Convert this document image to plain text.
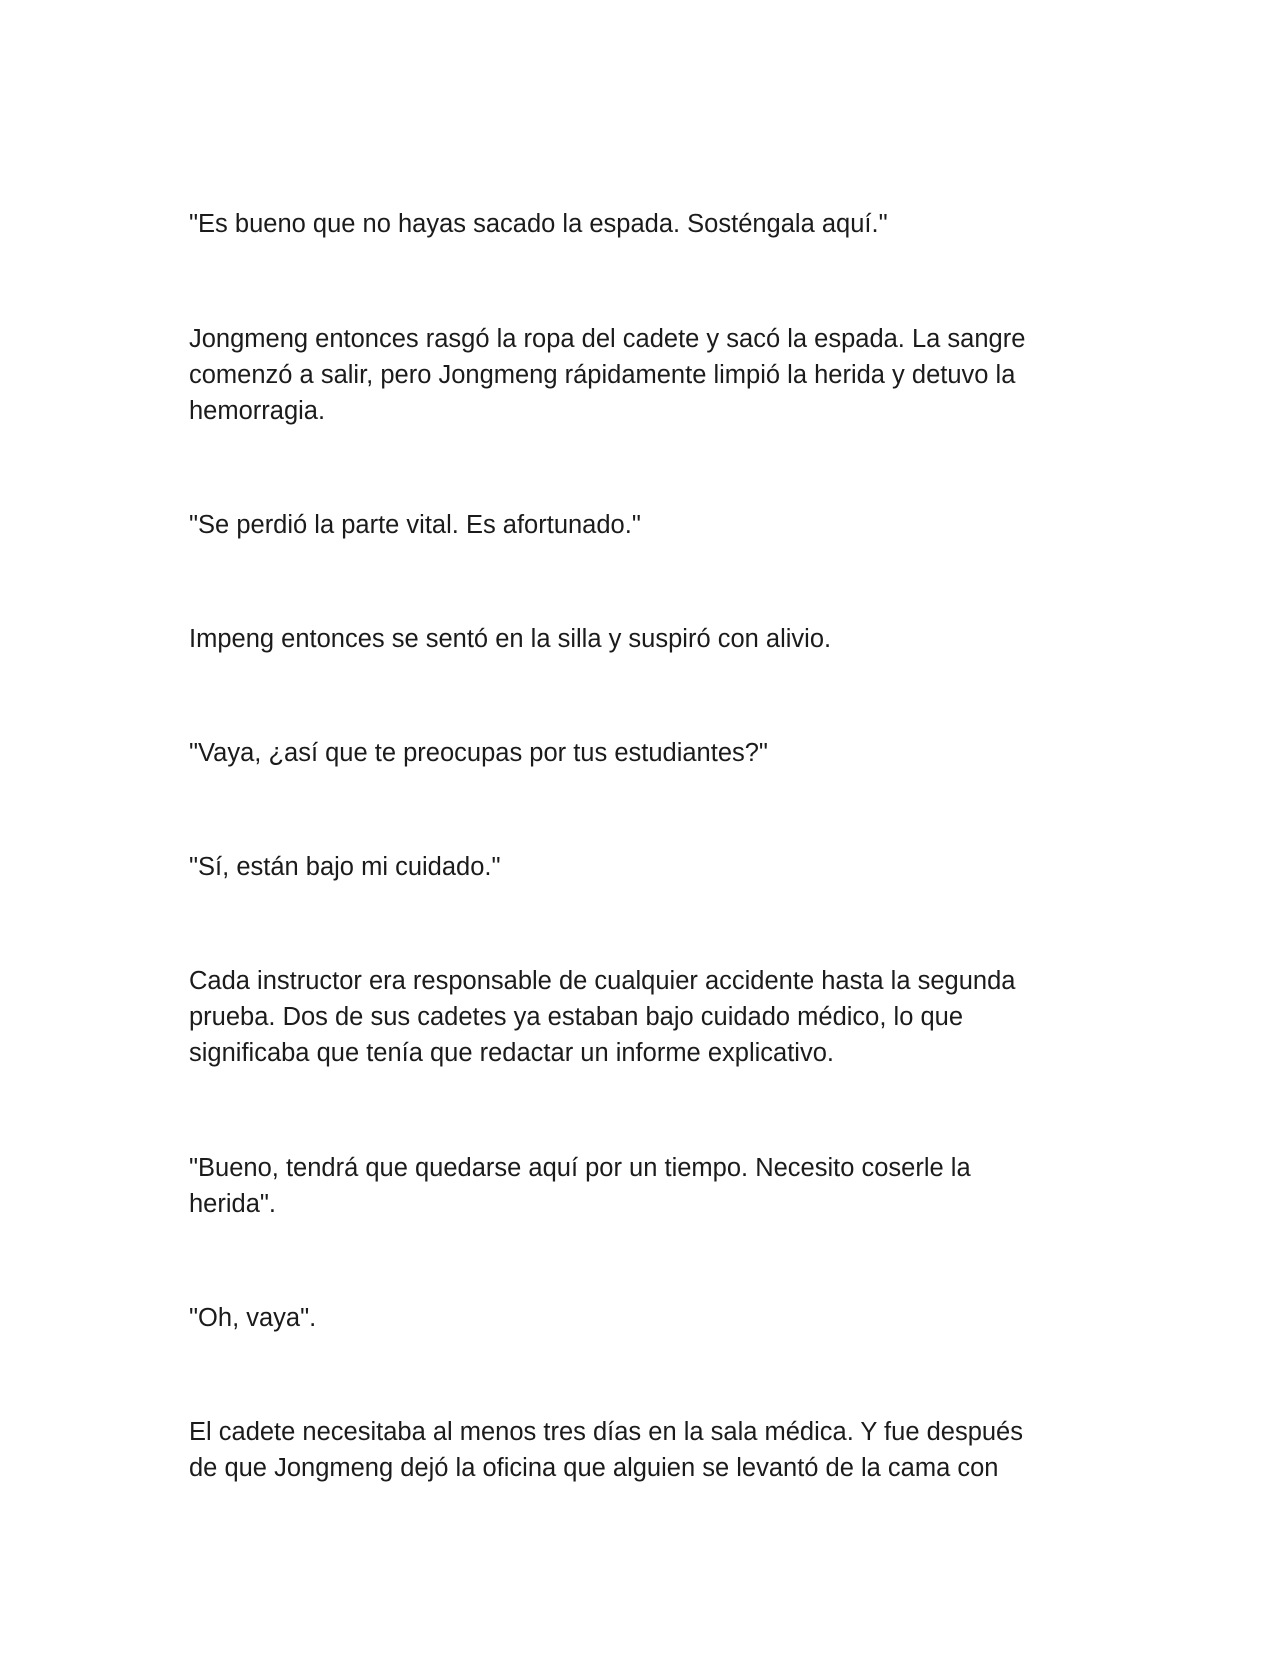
"Es bueno que no hayas sacado la espada. Sosténgala aquí."

Jongmeng entonces rasgó la ropa del cadete y sacó la espada. La sangre
comenzó a salir, pero Jongmeng rápidamente limpió la herida y detuvo la
hemorragia.

"Se perdió la parte vital. Es afortunado."

Impeng entonces se sentó en la silla y suspiró con alivio.

"Vaya, ¿así que te preocupas por tus estudiantes?"

"Sí, están bajo mi cuidado."

Cada instructor era responsable de cualquier accidente hasta la segunda
prueba. Dos de sus cadetes ya estaban bajo cuidado médico, lo que
significaba que tenía que redactar un informe explicativo.

"Bueno, tendrá que quedarse aquí por un tiempo. Necesito coserle la
herida".

"Oh, vaya".

El cadete necesitaba al menos tres días en la sala médica. Y fue después
de que Jongmeng dejó la oficina que alguien se levantó de la cama con
